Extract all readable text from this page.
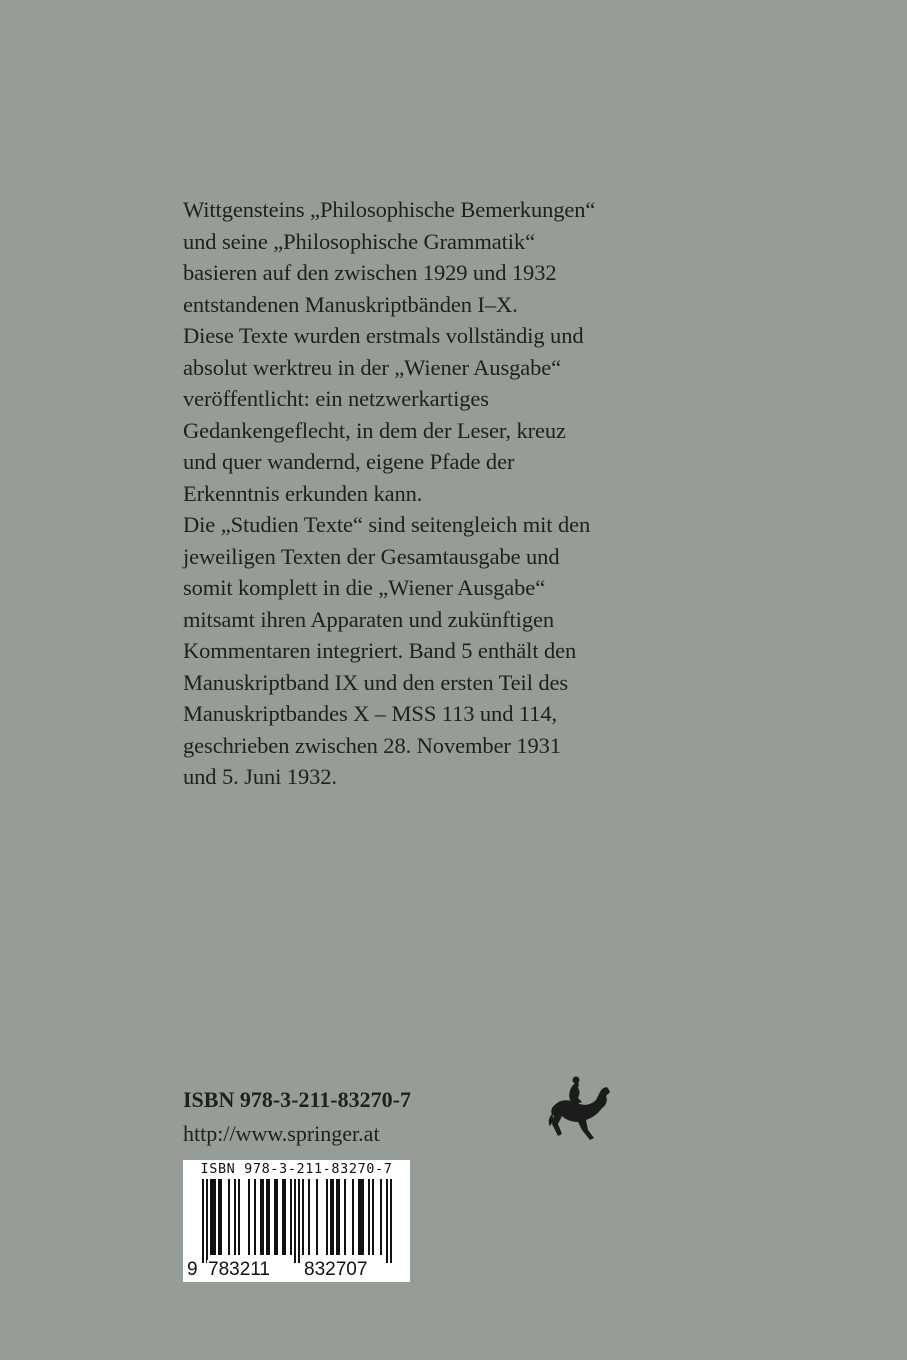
Wittgensteins „Philosophische Bemerkungen“
und seine „Philosophische Grammatik“
basieren auf den zwischen 1929 und 1932
entstandenen Manuskriptbänden I–X.
Diese Texte wurden erstmals vollständig und
absolut werktreu in der „Wiener Ausgabe“
veröffentlicht: ein netzwerkartiges
Gedankengeflecht, in dem der Leser, kreuz
und quer wandernd, eigene Pfade der
Erkenntnis erkunden kann.
Die „Studien Texte“ sind seitengleich mit den
jeweiligen Texten der Gesamtausgabe und
somit komplett in die „Wiener Ausgabe“
mitsamt ihren Apparaten und zukünftigen
Kommentaren integriert. Band 5 enthält den
Manuskriptband IX und den ersten Teil des
Manuskriptbandes X – MSS 113 und 114,
geschrieben zwischen 28. November 1931
und 5. Juni 1932.
ISBN 978-3-211-83270-7
http://www.springer.at
ISBN 978-3-211-83270-7
9 783211 832707
